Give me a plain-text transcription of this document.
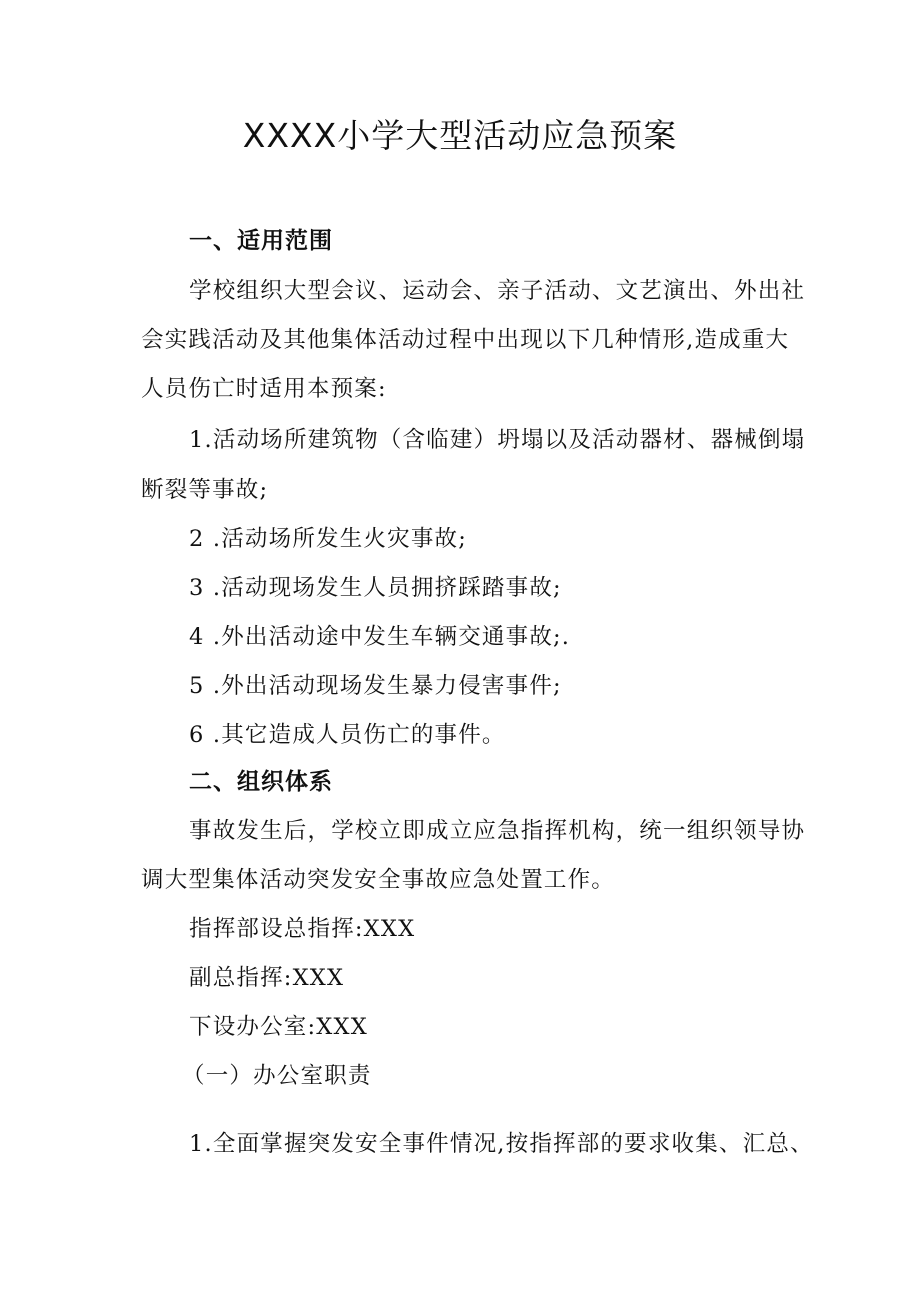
XXXX小学大型活动应急预案
一、适用范围
学校组织大型会议、运动会、亲子活动、文艺演出、外出社
会实践活动及其他集体活动过程中出现以下几种情形,造成重大
人员伤亡时适用本预案:
1.活动场所建筑物（含临建）坍塌以及活动器材、器械倒塌
断裂等事故;
2 .活动场所发生火灾事故;
3 .活动现场发生人员拥挤踩踏事故;
4 .外出活动途中发生车辆交通事故;.
5 .外出活动现场发生暴力侵害事件;
6 .其它造成人员伤亡的事件。
二、组织体系
事故发生后，学校立即成立应急指挥机构，统一组织领导协
调大型集体活动突发安全事故应急处置工作。
指挥部设总指挥:XXX
副总指挥:XXX
下设办公室:XXX
（一）办公室职责
1.全面掌握突发安全事件情况,按指挥部的要求收集、汇总、
